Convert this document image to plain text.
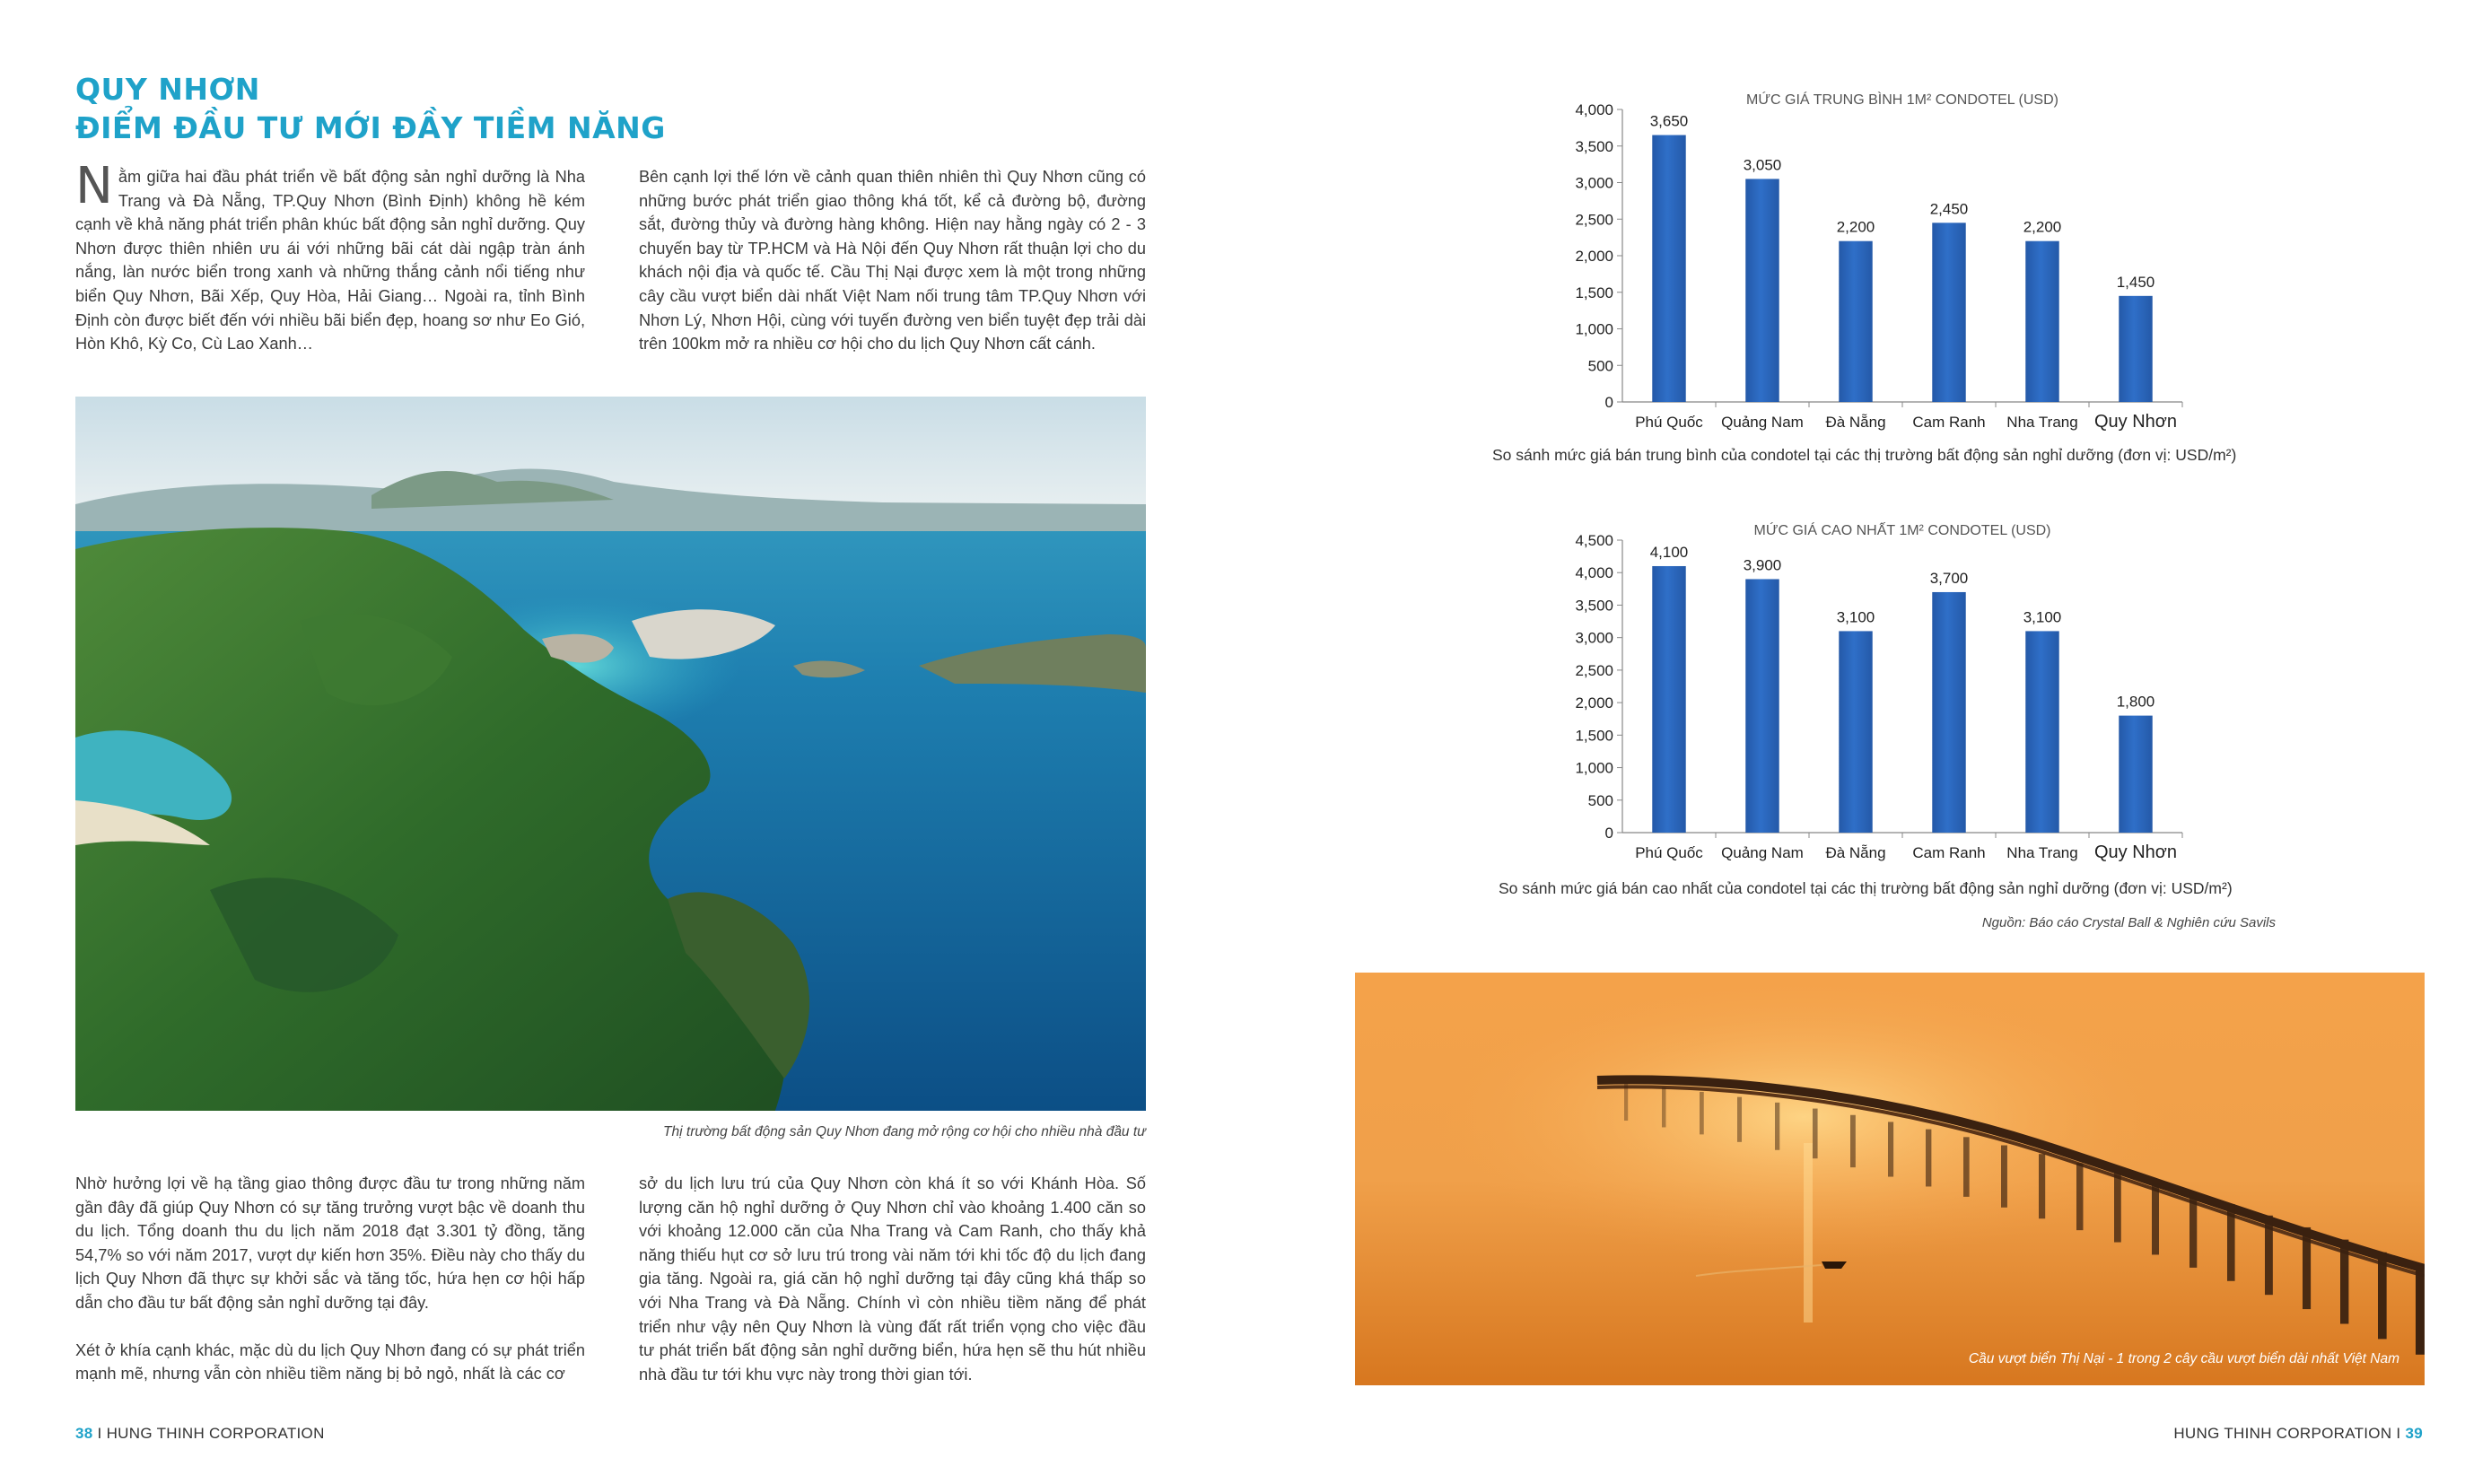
QUY NHƠN
ĐIỂM ĐẦU TƯ MỚI ĐẦY TIỀM NĂNG

Nằm giữa hai đầu phát triển về bất động sản nghỉ dưỡng là Nha Trang và Đà Nẵng, TP.Quy Nhơn (Bình Định) không hề kém cạnh về khả năng phát triển phân khúc bất động sản nghỉ dưỡng. Quy Nhơn được thiên nhiên ưu ái với những bãi cát dài ngập tràn ánh nắng, làn nước biển trong xanh và những thắng cảnh nổi tiếng như biển Quy Nhơn, Bãi Xếp, Quy Hòa, Hải Giang… Ngoài ra, tỉnh Bình Định còn được biết đến với nhiều bãi biển đẹp, hoang sơ như Eo Gió, Hòn Khô, Kỳ Co, Cù Lao Xanh…

Bên cạnh lợi thế lớn về cảnh quan thiên nhiên thì Quy Nhơn cũng có những bước phát triển giao thông khá tốt, kể cả đường bộ, đường sắt, đường thủy và đường hàng không. Hiện nay hằng ngày có 2 - 3 chuyến bay từ TP.HCM và Hà Nội đến Quy Nhơn rất thuận lợi cho du khách nội địa và quốc tế. Cầu Thị Nại được xem là một trong những cây cầu vượt biển dài nhất Việt Nam nối trung tâm TP.Quy Nhơn với Nhơn Lý, Nhơn Hội, cùng với tuyến đường ven biển tuyệt đẹp trải dài trên 100km mở ra nhiều cơ hội cho du lịch Quy Nhơn cất cánh.

Thị trường bất động sản Quy Nhơn đang mở rộng cơ hội cho nhiều nhà đầu tư

Nhờ hưởng lợi về hạ tầng giao thông được đầu tư trong những năm gần đây đã giúp Quy Nhơn có sự tăng trưởng vượt bậc về doanh thu du lịch. Tổng doanh thu du lịch năm 2018 đạt 3.301 tỷ đồng, tăng 54,7% so với năm 2017, vượt dự kiến hơn 35%. Điều này cho thấy du lịch Quy Nhơn đã thực sự khởi sắc và tăng tốc, hứa hẹn cơ hội hấp dẫn cho đầu tư bất động sản nghỉ dưỡng tại đây.

Xét ở khía cạnh khác, mặc dù du lịch Quy Nhơn đang có sự phát triển mạnh mẽ, nhưng vẫn còn nhiều tiềm năng bị bỏ ngỏ, nhất là các cơ

sở du lịch lưu trú của Quy Nhơn còn khá ít so với Khánh Hòa. Số lượng căn hộ nghỉ dưỡng ở Quy Nhơn chỉ vào khoảng 1.400 căn so với khoảng 12.000 căn của Nha Trang và Cam Ranh, cho thấy khả năng thiếu hụt cơ sở lưu trú trong vài năm tới khi tốc độ du lịch đang gia tăng. Ngoài ra, giá căn hộ nghỉ dưỡng tại đây cũng khá thấp so với Nha Trang và Đà Nẵng. Chính vì còn nhiều tiềm năng để phát triển như vậy nên Quy Nhơn là vùng đất rất triển vọng cho việc đầu tư phát triển bất động sản nghỉ dưỡng biển, hứa hẹn sẽ thu hút nhiều nhà đầu tư tới khu vực này trong thời gian tới.

38 I HUNG THINH CORPORATION
MỨC GIÁ TRUNG BÌNH 1M² CONDOTEL (USD)
0
500
1,000
1,500
2,000
2,500
3,000
3,500
4,000
3,650
Phú Quốc
3,050
Quảng Nam
2,200
Đà Nẵng
2,450
Cam Ranh
2,200
Nha Trang
1,450
Quy Nhơn
So sánh mức giá bán trung bình của condotel tại các thị trường bất động sản nghỉ dưỡng (đơn vị: USD/m²)
MỨC GIÁ CAO NHẤT 1M² CONDOTEL (USD)
0
500
1,000
1,500
2,000
2,500
3,000
3,500
4,000
4,500
4,100
Phú Quốc
3,900
Quảng Nam
3,100
Đà Nẵng
3,700
Cam Ranh
3,100
Nha Trang
1,800
Quy Nhơn
So sánh mức giá bán cao nhất của condotel tại các thị trường bất động sản nghỉ dưỡng (đơn vị: USD/m²)
Nguồn: Báo cáo Crystal Ball & Nghiên cứu Savils
Cầu vượt biển Thị Nại - 1 trong 2 cây cầu vượt biển dài nhất Việt Nam
HUNG THINH CORPORATION I 39
